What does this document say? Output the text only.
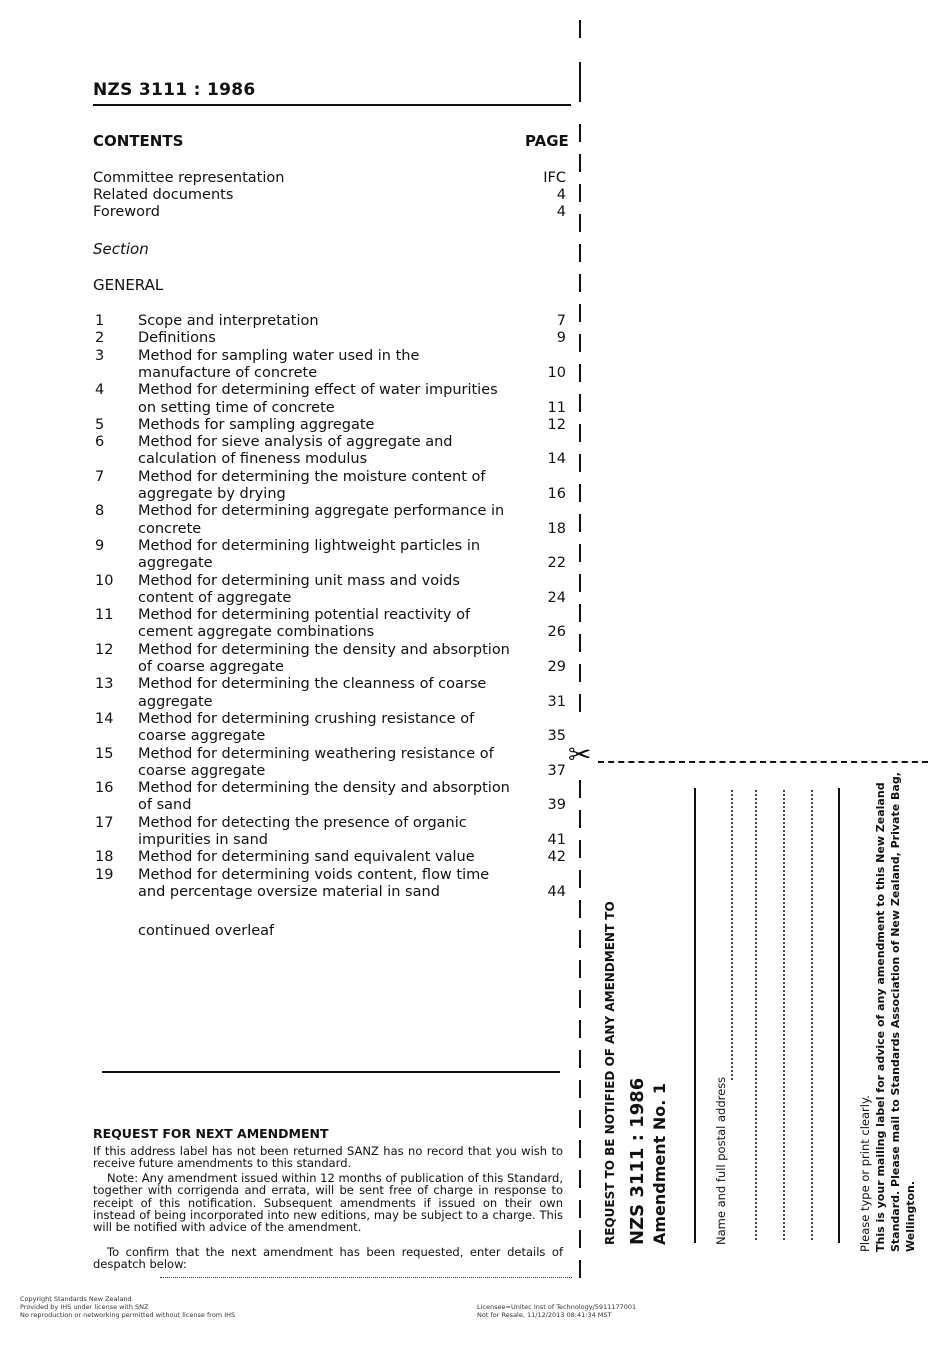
NZS 3111 : 1986
CONTENTS	PAGE
Committee representation	IFC
Related documents	4
Foreword	4
Section
GENERAL
1 Scope and interpretation	7
2 Definitions	9
3 Method for sampling water used in the
manufacture of concrete	10
4 Method for determining effect of water impurities
on setting time of concrete	11
5 Methods for sampling aggregate	12
6 Method for sieve analysis of aggregate and
calculation of fineness modulus	14
7 Method for determining the moisture content of
aggregate by drying	16
8 Method for determining aggregate performance in
concrete	18
9 Method for determining lightweight particles in
aggregate	22
10 Method for determining unit mass and voids
content of aggregate	24
11 Method for determining potential reactivity of
cement aggregate combinations	26
12 Method for determining the density and absorption
of coarse aggregate	29
13 Method for determining the cleanness of coarse
aggregate	31
14 Method for determining crushing resistance of
coarse aggregate	35
15 Method for determining weathering resistance of
coarse aggregate	37
16 Method for determining the density and absorption
of sand	39
17 Method for detecting the presence of organic
impurities in sand	41
18 Method for determining sand equivalent value	42
19 Method for determining voids content, flow time
and percentage oversize material in sand	44
continued overleaf
REQUEST FOR NEXT AMENDMENT
If this address label has not been returned SANZ has no record that you wish to receive future amendments to this standard.
Note: Any amendment issued within 12 months of publication of this Standard, together with corrigenda and errata, will be sent free of charge in response to receipt of this notification. Subsequent amendments if issued on their own instead of being incorporated into new editions, may be subject to a charge. This will be notified with advice of the amendment.
To confirm that the next amendment has been requested, enter details of despatch below:
✂
REQUEST TO BE NOTIFIED OF ANY AMENDMENT TO NZS 3111 : 1986 Amendment No. 1	Name and full postal address	Please type or print clearly. This is your mailing label for advice of any amendment to this New Zealand Standard. Please mail to Standards Association of New Zealand, Private Bag, Wellington.
Copyright Standards New Zealand
Provided by IHS under license with SNZ
No reproduction or networking permitted without license from IHS
Licensee=Unitec Inst of Technology/5911177001
Not for Resale, 11/12/2013 08:41:34 MST
